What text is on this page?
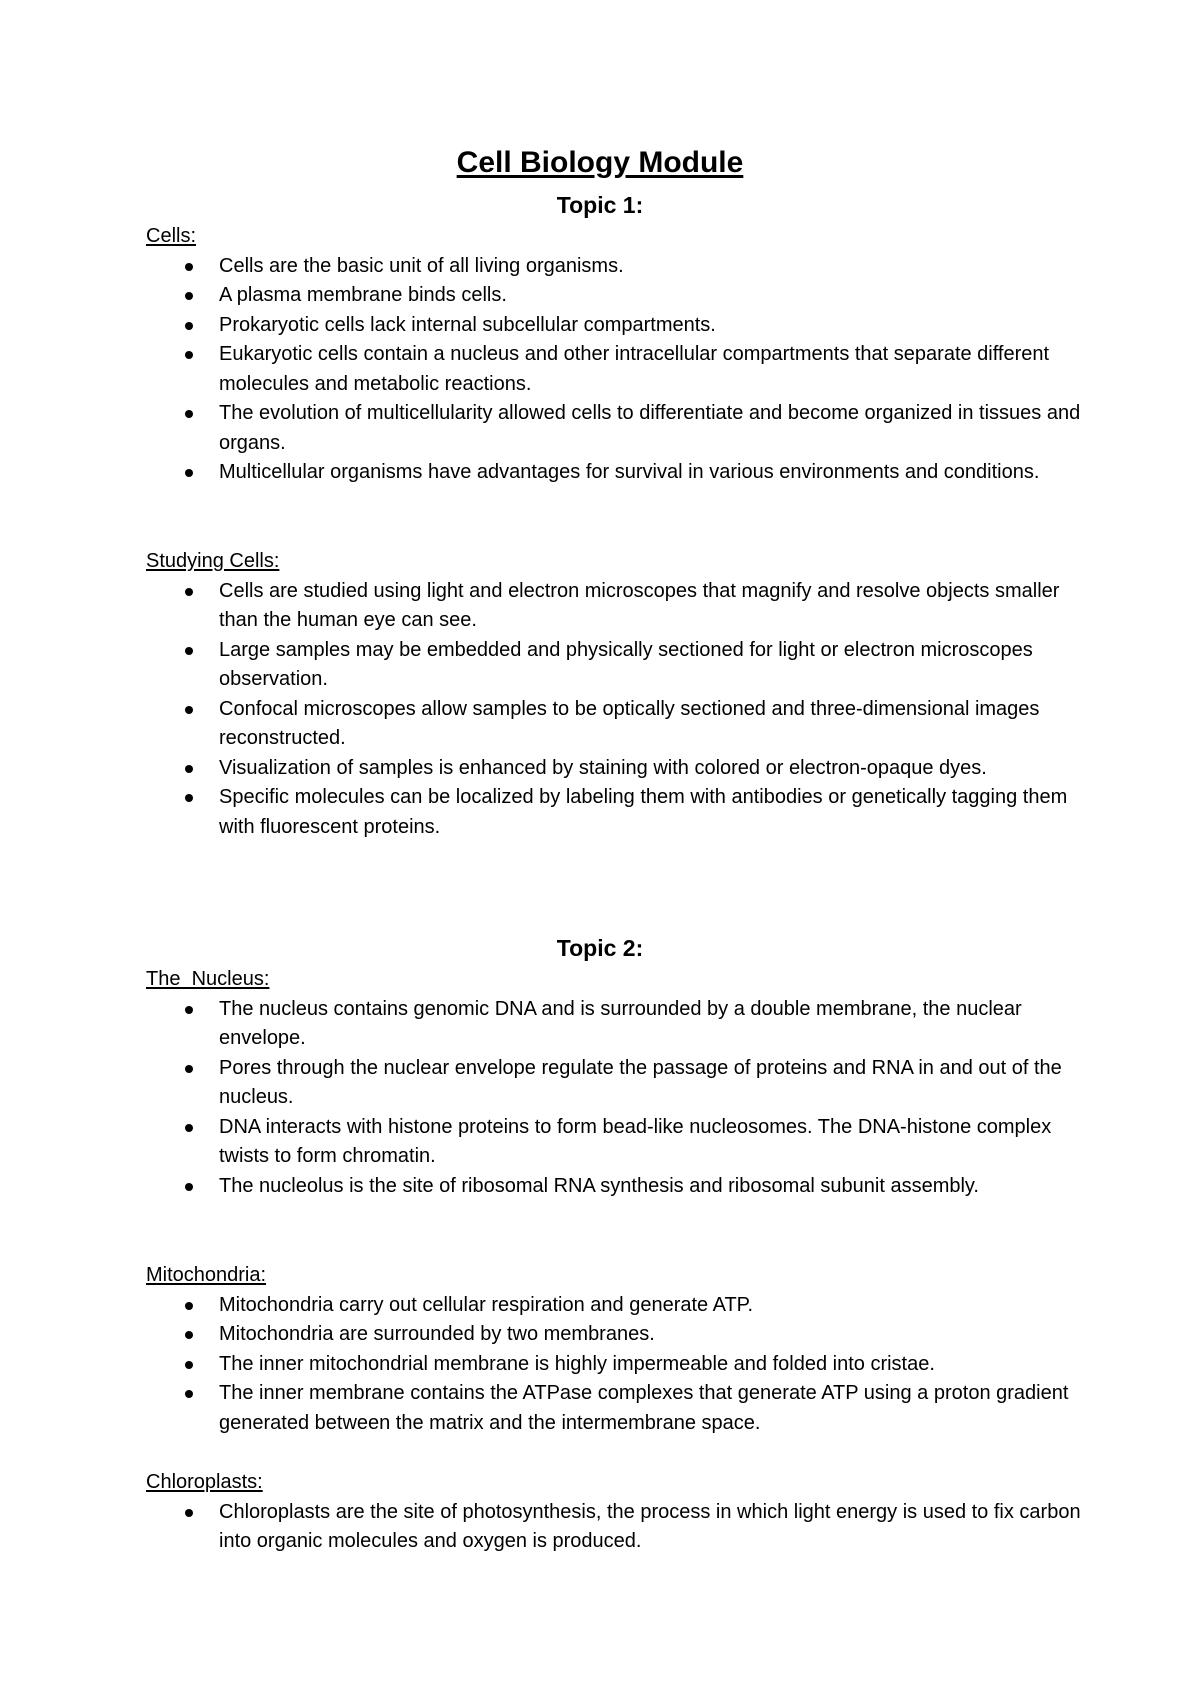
Cell Biology Module
Topic 1:
Cells:
Cells are the basic unit of all living organisms.
A plasma membrane binds cells.
Prokaryotic cells lack internal subcellular compartments.
Eukaryotic cells contain a nucleus and other intracellular compartments that separate different molecules and metabolic reactions.
The evolution of multicellularity allowed cells to differentiate and become organized in tissues and organs.
Multicellular organisms have advantages for survival in various environments and conditions.
Studying Cells:
Cells are studied using light and electron microscopes that magnify and resolve objects smaller than the human eye can see.
Large samples may be embedded and physically sectioned for light or electron microscopes observation.
Confocal microscopes allow samples to be optically sectioned and three-dimensional images reconstructed.
Visualization of samples is enhanced by staining with colored or electron-opaque dyes.
Specific molecules can be localized by labeling them with antibodies or genetically tagging them with fluorescent proteins.
Topic 2:
The  Nucleus:
The nucleus contains genomic DNA and is surrounded by a double membrane, the nuclear envelope.
Pores through the nuclear envelope regulate the passage of proteins and RNA in and out of the nucleus.
DNA interacts with histone proteins to form bead-like nucleosomes. The DNA-histone complex twists to form chromatin.
The nucleolus is the site of ribosomal RNA synthesis and ribosomal subunit assembly.
Mitochondria:
Mitochondria carry out cellular respiration and generate ATP.
Mitochondria are surrounded by two membranes.
The inner mitochondrial membrane is highly impermeable and folded into cristae.
The inner membrane contains the ATPase complexes that generate ATP using a proton gradient generated between the matrix and the intermembrane space.
Chloroplasts:
Chloroplasts are the site of photosynthesis, the process in which light energy is used to fix carbon into organic molecules and oxygen is produced.
